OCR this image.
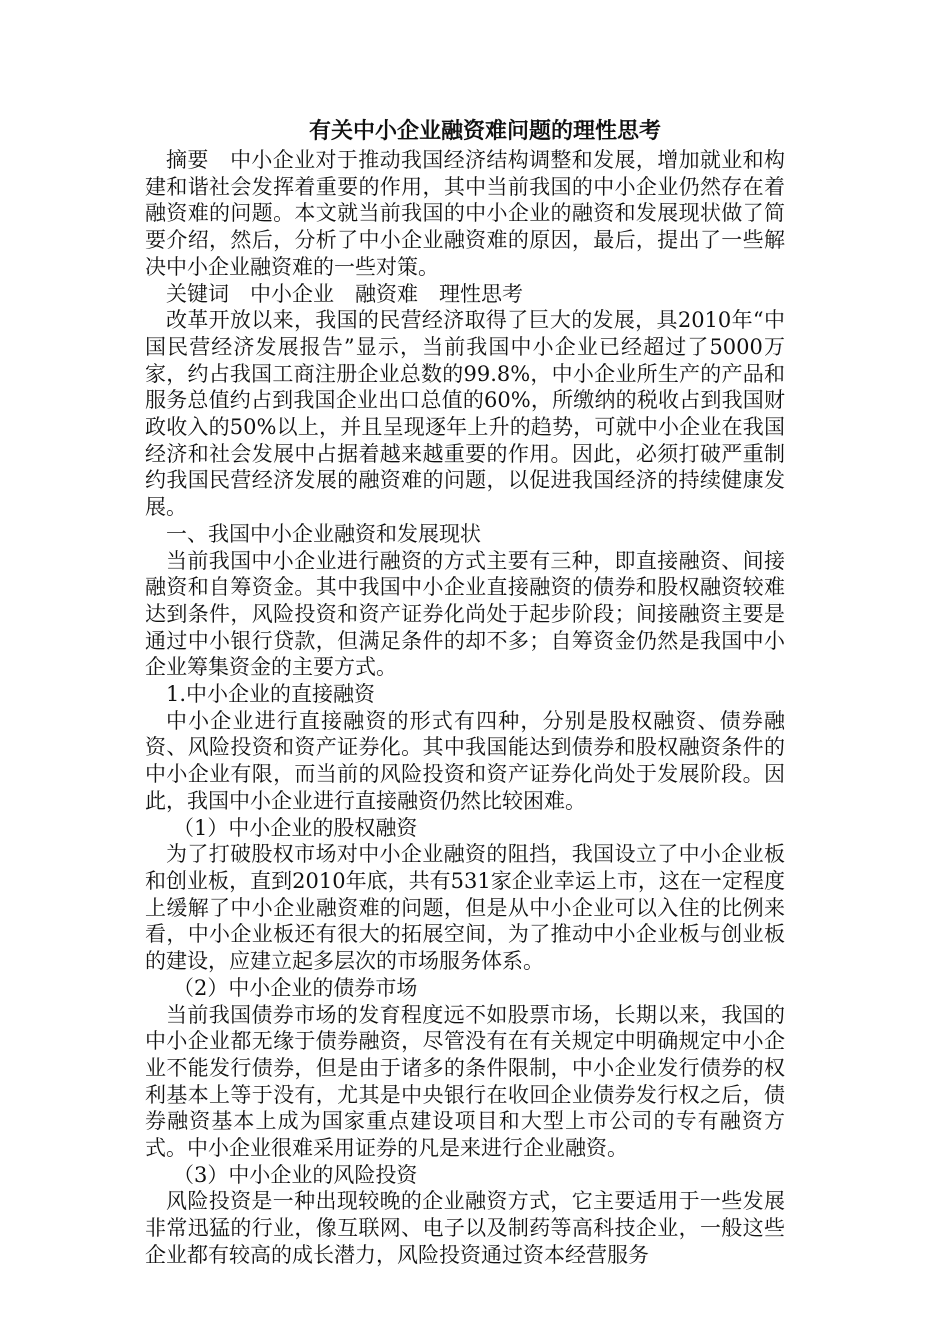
有关中小企业融资难问题的理性思考

摘要　中小企业对于推动我国经济结构调整和发展，增加就业和构建和谐社会发挥着重要的作用，其中当前我国的中小企业仍然存在着融资难的问题。本文就当前我国的中小企业的融资和发展现状做了简要介绍，然后，分析了中小企业融资难的原因，最后，提出了一些解决中小企业融资难的一些对策。

关键词　中小企业　融资难　理性思考

改革开放以来，我国的民营经济取得了巨大的发展，具2010年“中国民营经济发展报告”显示，当前我国中小企业已经超过了5000万家，约占我国工商注册企业总数的99.8%，中小企业所生产的产品和服务总值约占到我国企业出口总值的60%，所缴纳的税收占到我国财政收入的50%以上，并且呈现逐年上升的趋势，可就中小企业在我国经济和社会发展中占据着越来越重要的作用。因此，必须打破严重制约我国民营经济发展的融资难的问题，以促进我国经济的持续健康发展。

一、我国中小企业融资和发展现状

当前我国中小企业进行融资的方式主要有三种，即直接融资、间接融资和自筹资金。其中我国中小企业直接融资的债券和股权融资较难达到条件，风险投资和资产证券化尚处于起步阶段；间接融资主要是通过中小银行贷款，但满足条件的却不多；自筹资金仍然是我国中小企业筹集资金的主要方式。

1.中小企业的直接融资

中小企业进行直接融资的形式有四种，分别是股权融资、债券融资、风险投资和资产证券化。其中我国能达到债券和股权融资条件的中小企业有限，而当前的风险投资和资产证券化尚处于发展阶段。因此，我国中小企业进行直接融资仍然比较困难。

（1）中小企业的股权融资

为了打破股权市场对中小企业融资的阻挡，我国设立了中小企业板和创业板，直到2010年底，共有531家企业幸运上市，这在一定程度上缓解了中小企业融资难的问题，但是从中小企业可以入住的比例来看，中小企业板还有很大的拓展空间，为了推动中小企业板与创业板的建设，应建立起多层次的市场服务体系。

（2）中小企业的债券市场

当前我国债券市场的发育程度远不如股票市场，长期以来，我国的中小企业都无缘于债券融资，尽管没有在有关规定中明确规定中小企业不能发行债券，但是由于诸多的条件限制，中小企业发行债券的权利基本上等于没有，尤其是中央银行在收回企业债券发行权之后，债券融资基本上成为国家重点建设项目和大型上市公司的专有融资方式。中小企业很难采用证券的凡是来进行企业融资。

（3）中小企业的风险投资

风险投资是一种出现较晚的企业融资方式，它主要适用于一些发展非常迅猛的行业，像互联网、电子以及制药等高科技企业，一般这些企业都有较高的成长潜力，风险投资通过资本经营服务
